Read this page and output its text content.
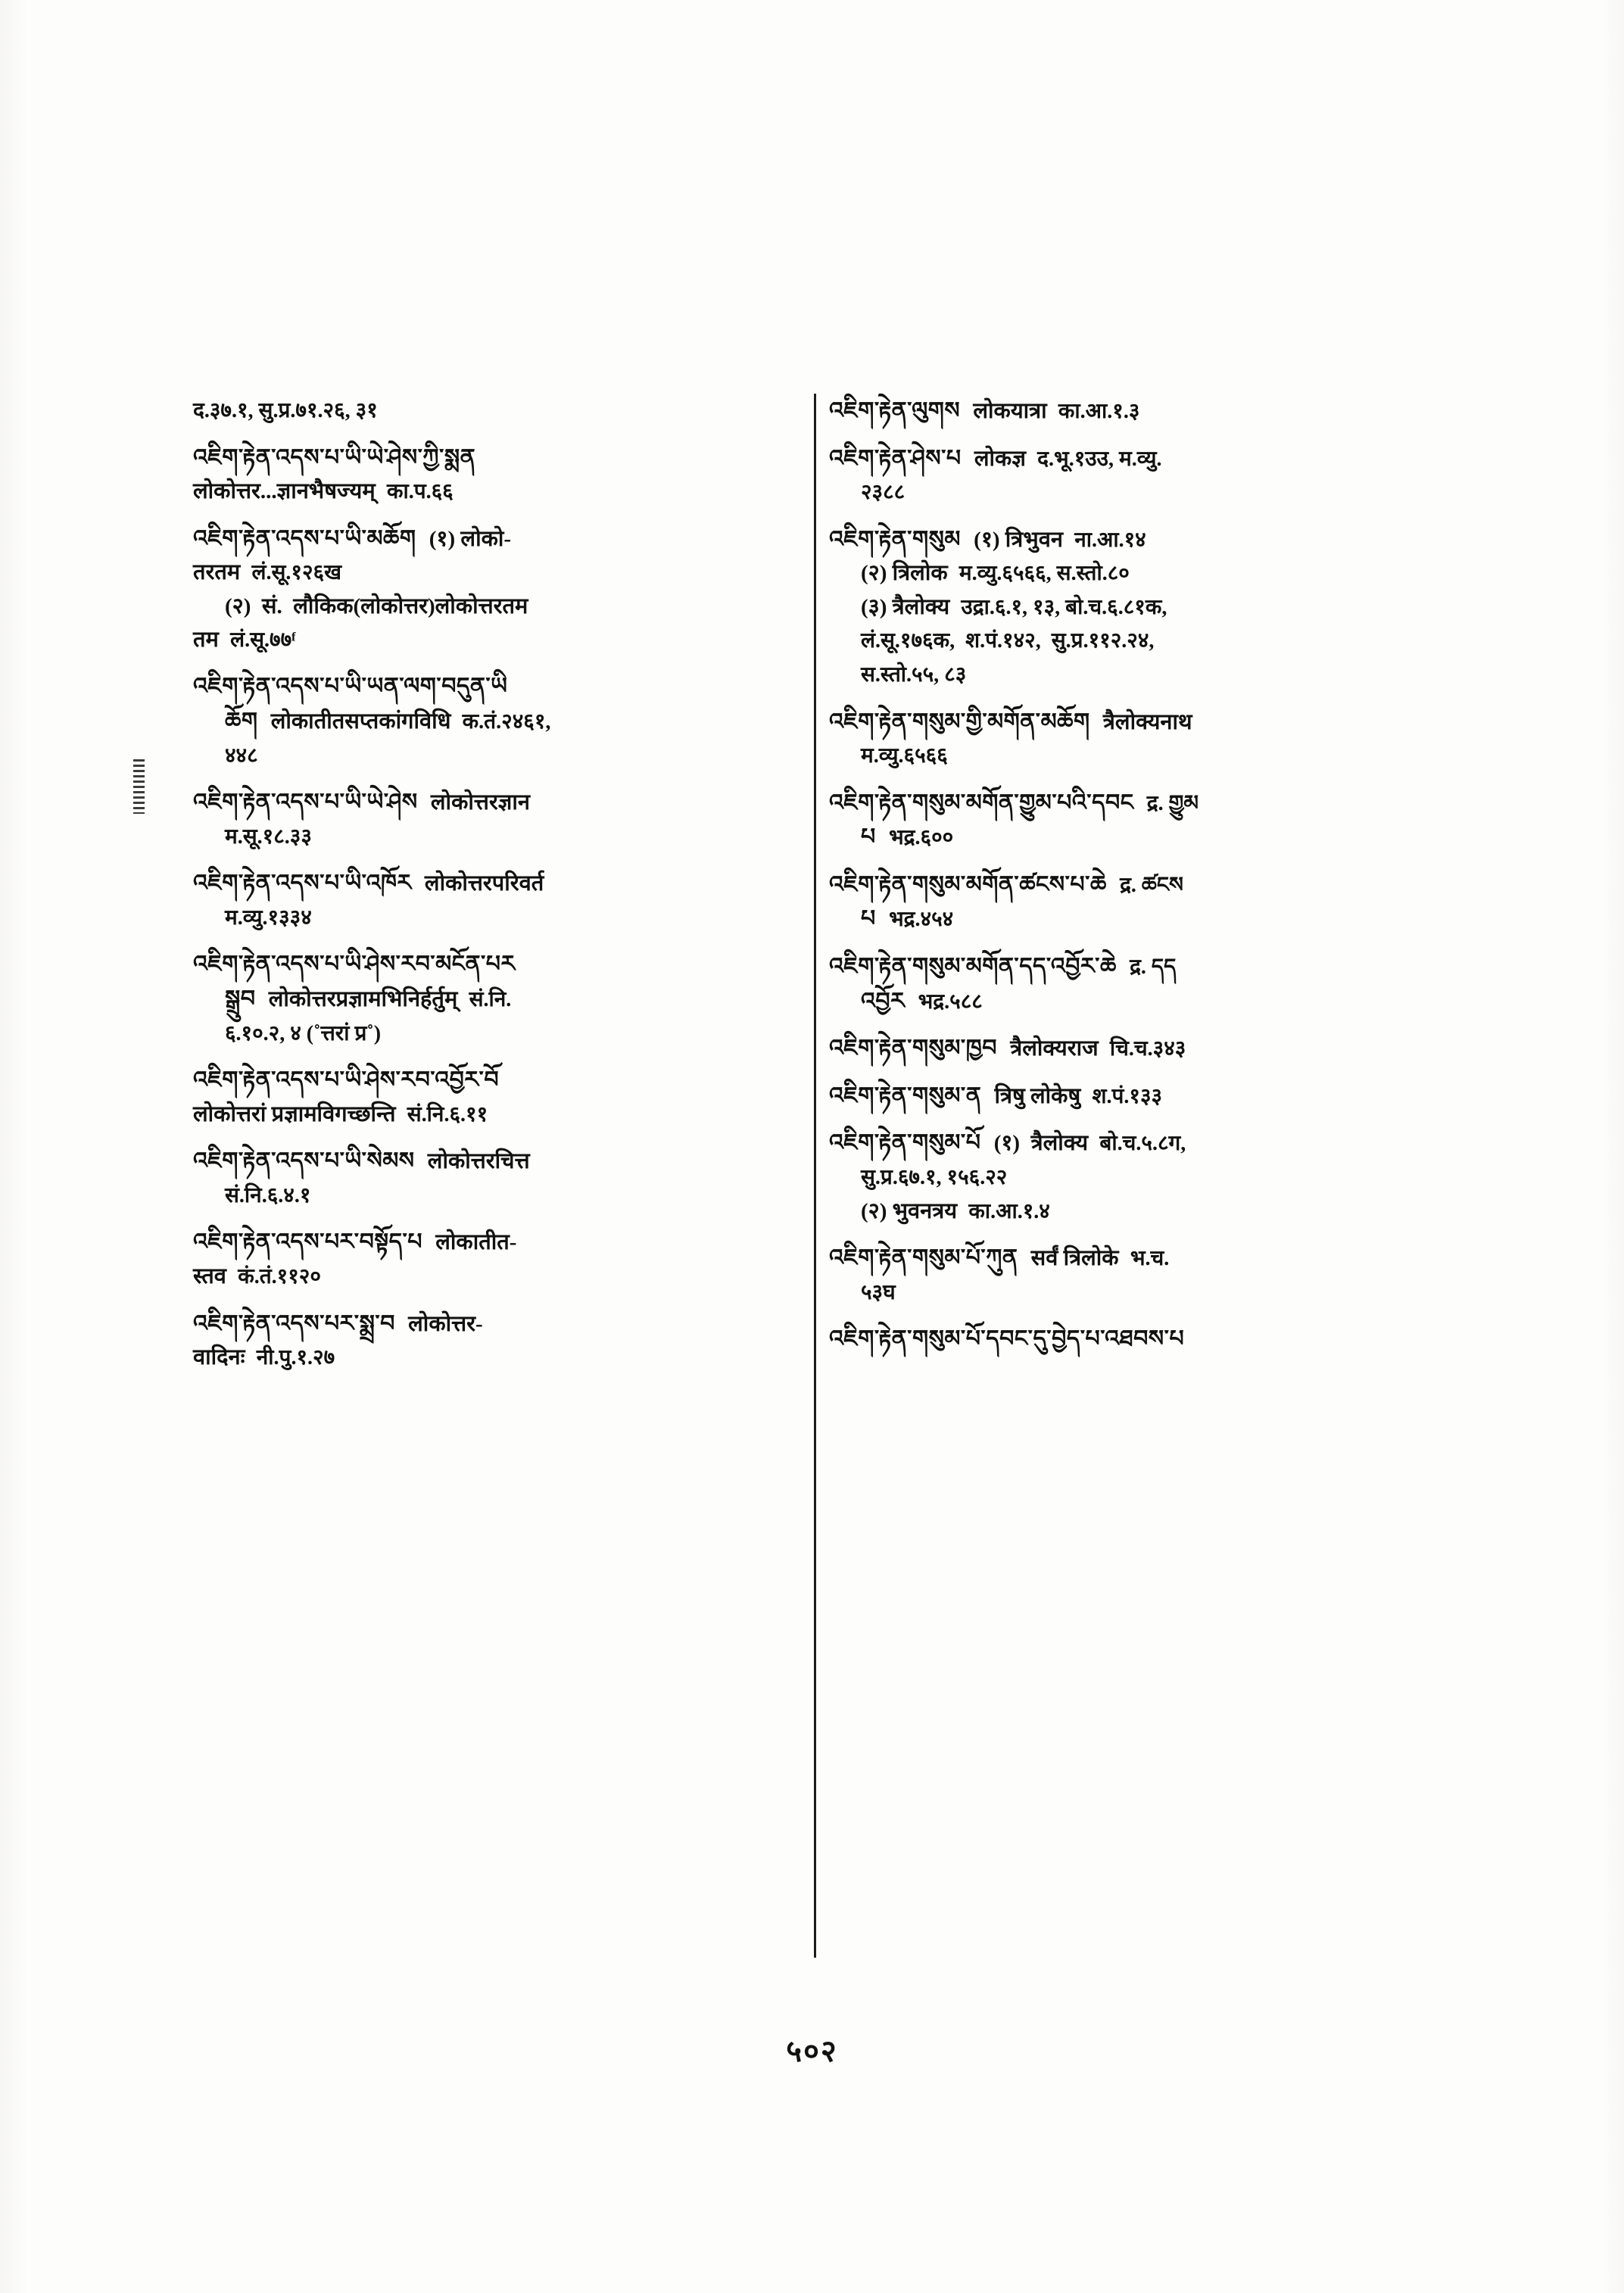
द.३७.१, सु.प्र.७१.२६, ३१
འཇིག་རྟེན་འདས་པ་ཡི་ཡེ་ཤེས་ཀྱི་སྨན
लोकोत्तर...ज्ञानभैषज्यम् का.प.६६
འཇིག་རྟེན་འདས་པ་ཡི་མཆོག (१) लोको-
तरतम लं.सू.१२६ख
(२)  सं.  लौकिक(लोकोत्तर)लोकोत्तरतम
तम लं.सू.७७ᶠ
འཇིག་རྟེན་འདས་པ་ཡི་ཡན་ལག་བདུན་ཡི
ཆོག लोकातीतसप्तकांगविधि क.तं.२४६१,
४४८
འཇིག་རྟེན་འདས་པ་ཡི་ཡེ་ཤེས लोकोत्तरज्ञान
म.सू.१८.३३
འཇིག་རྟེན་འདས་པ་ཡི་འཁོར लोकोत्तरपरिवर्त
म.व्यु.१३३४
འཇིག་རྟེན་འདས་པ་ཡི་ཤེས་རབ་མངོན་པར
སྒྲུབ लोकोत्तरप्रज्ञामभिनिर्हर्तुम् सं.नि.
६.१०.२, ४ (˚त्तरां प्र˚)
འཇིག་རྟེན་འདས་པ་ཡི་ཤེས་རབ་འབྱོར་བོ
लोकोत्तरां प्रज्ञामविगच्छन्ति सं.नि.६.११
འཇིག་རྟེན་འདས་པ་ཡི་སེམས लोकोत्तरचित्त
सं.नि.६.४.१
འཇིག་རྟེན་འདས་པར་བསྟོད་པ लोकातीत-
स्तव कं.तं.११२०
འཇིག་རྟེན་འདས་པར་སྨྲ་བ लोकोत्तर-
वादिनः नी.पु.१.२७
འཇིག་རྟེན་ལུགས लोकयात्रा का.आ.१.३
འཇིག་རྟེན་ཤེས་པ लोकज्ञ द.भू.१उउ, म.व्यु.
२३८८
འཇིག་རྟེན་གསུམ (१) त्रिभुवन ना.आ.१४
(२) त्रिलोक म.व्यु.६५६६, स.स्तो.८०
(३) त्रैलोक्य उद्रा.६.१, १३, बो.च.६.८१क,
लं.सू.१७६क,  श.पं.१४२,  सु.प्र.११२.२४,
स.स्तो.५५, ८३
འཇིག་རྟེན་གསུམ་གྱི་མགོན་མཆོག त्रैलोक्यनाथ
म.व्यु.६५६६
འཇིག་རྟེན་གསུམ་མགོན་གྱུམ་པའི་དབང द्र. གྱུམ
པ भद्र.६००
འཇིག་རྟེན་གསུམ་མགོན་ཚངས་པ་ཆེ द्र. ཚངས
པ भद्र.४५४
འཇིག་རྟེན་གསུམ་མགོན་དད་འབྱོར་ཆེ द्र. དད
འབྱོར भद्र.५८८
འཇིག་རྟེན་གསུམ་ཁྱབ त्रैलोक्यराज चि.च.३४३
འཇིག་རྟེན་གསུམ་ན त्रिषु लोकेषु श.पं.१३३
འཇིག་རྟེན་གསུམ་པོ (१)  त्रैलोक्य बो.च.५.८ग,
सु.प्र.६७.१, १५६.२२
(२) भुवनत्रय का.आ.१.४
འཇིག་རྟེན་གསུམ་པོ་ཀུན सर्वं त्रिलोके भ.च.
५३घ
འཇིག་རྟེན་གསུམ་པོ་དབང་དུ་བྱེད་པ་འཐབས་པ
५०२
